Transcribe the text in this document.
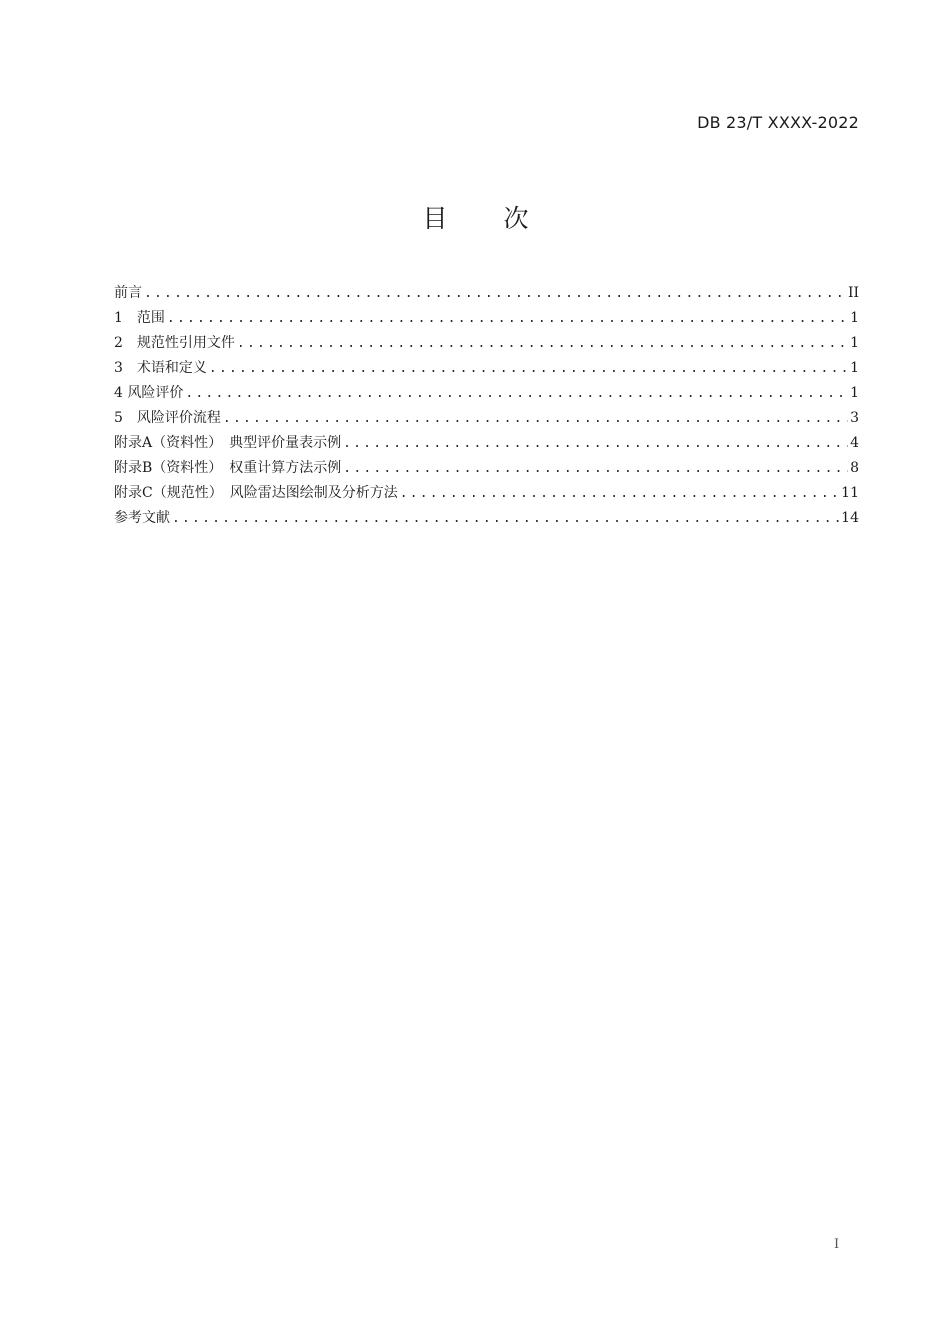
DB 23/T XXXX-2022
目 次
前言 .....	II
1　范围 .....	1
2　规范性引用文件 .....	1
3　术语和定义 .....	1
4 风险评价 .....	1
5　风险评价流程 .....	3
附录A（资料性）　典型评价量表示例 .....	4
附录B（资料性）　权重计算方法示例 .....	8
附录C（规范性）　风险雷达图绘制及分析方法 .....	11
参考文献 .....	14
I
